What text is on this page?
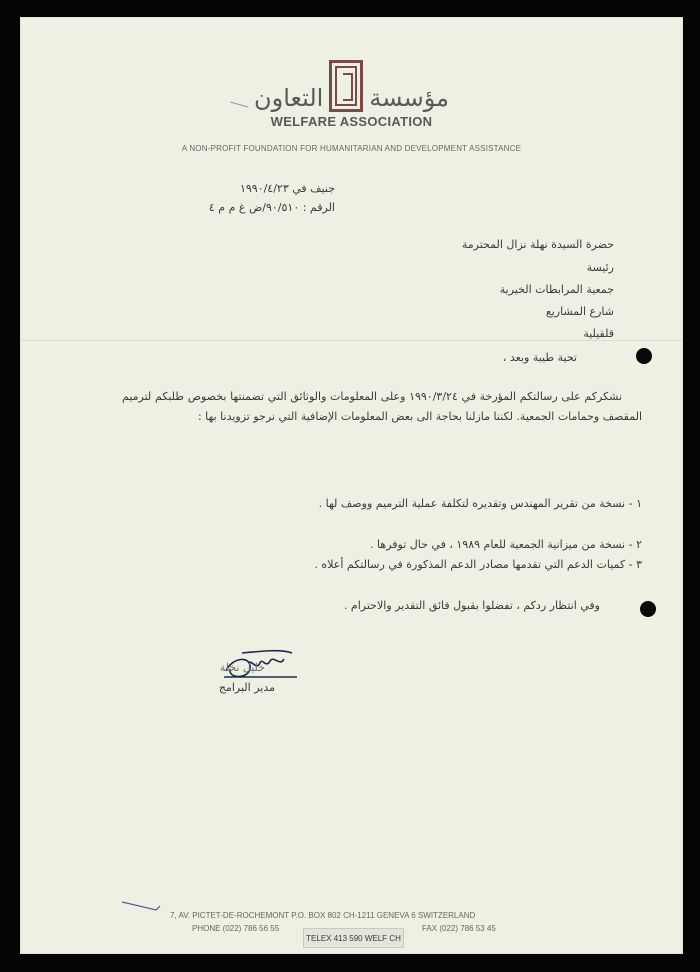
التعاون مؤسسة
WELFARE ASSOCIATION
A NON-PROFIT FOUNDATION FOR HUMANITARIAN AND DEVELOPMENT ASSISTANCE
جنيف في ١٩٩٠/٤/٢٣
الرقم : ٩٠/٥١٠/ض غ م م ٤
حضرة السيدة نهلة نزال المحترمة
رئيسة
جمعية المرابطات الخيرية
شارع المشاريع
قلقيلية
تحية طيبة وبعد ،
نشكركم على رسالتكم المؤرخة في ١٩٩٠/٣/٢٤ وعلى المعلومات والوثائق التي تضمنتها بخصوص طلبكم لترميم المقصف وحمامات الجمعية. لكننا مازلنا بحاجة الى بعض المعلومات الإضافية التي نرجو تزويدنا بها :
١ - نسخة من تقرير المهندس وتقديره لتكلفة عملية الترميم ووصف لها .
٢ - نسخة من ميزانية الجمعية للعام ١٩٨٩ ، في حال توفرها .
٣ - كميات الدعم التي تقدمها مصادر الدعم المذكورة في رسالتكم أعلاه .
وفي انتظار ردكم ، تفضلوا بقبول فائق التقدير والاحترام .
خليل نخلة
مدير البرامج
7, AV. PICTET-DE-ROCHEMONT P.O. BOX 802 CH-1211 GENEVA 6 SWITZERLAND
PHONE (022) 786 56 55	FAX (022) 786 53 45
TELEX 413 590 WELF CH
